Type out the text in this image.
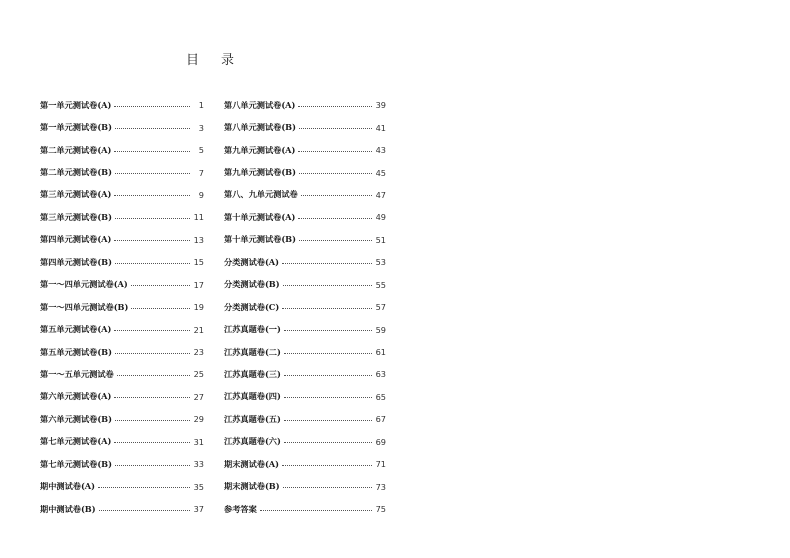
目 录
第一单元测试卷(A)	1
第一单元测试卷(B)	3
第二单元测试卷(A)	5
第二单元测试卷(B)	7
第三单元测试卷(A)	9
第三单元测试卷(B)	11
第四单元测试卷(A)	13
第四单元测试卷(B)	15
第一～四单元测试卷(A)	17
第一～四单元测试卷(B)	19
第五单元测试卷(A)	21
第五单元测试卷(B)	23
第一～五单元测试卷	25
第六单元测试卷(A)	27
第六单元测试卷(B)	29
第七单元测试卷(A)	31
第七单元测试卷(B)	33
期中测试卷(A)	35
期中测试卷(B)	37
第八单元测试卷(A)	39
第八单元测试卷(B)	41
第九单元测试卷(A)	43
第九单元测试卷(B)	45
第八、九单元测试卷	47
第十单元测试卷(A)	49
第十单元测试卷(B)	51
分类测试卷(A)	53
分类测试卷(B)	55
分类测试卷(C)	57
江苏真题卷(一)	59
江苏真题卷(二)	61
江苏真题卷(三)	63
江苏真题卷(四)	65
江苏真题卷(五)	67
江苏真题卷(六)	69
期末测试卷(A)	71
期末测试卷(B)	73
参考答案	75
